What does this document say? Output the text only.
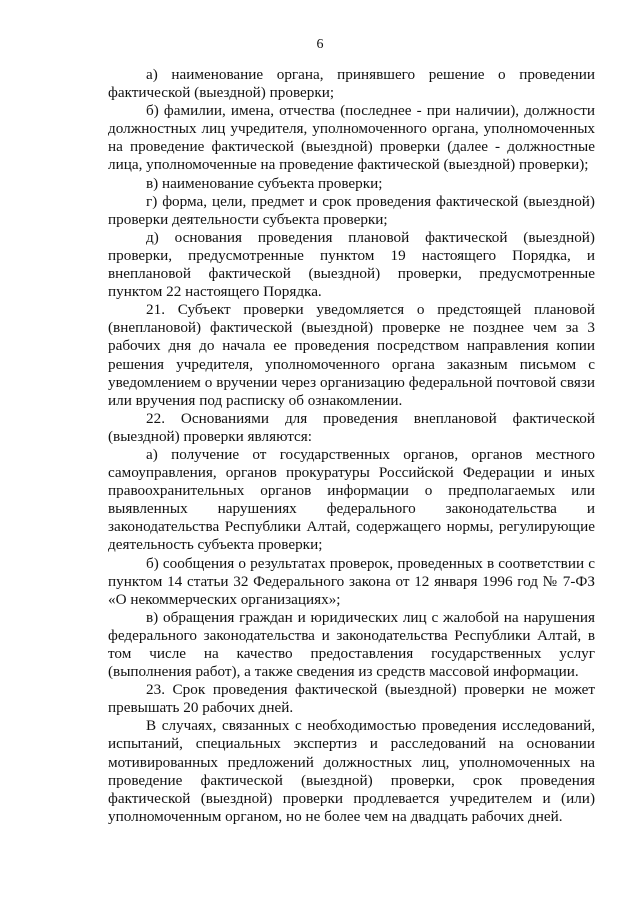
6

а) наименование органа, принявшего решение о проведении фактической (выездной) проверки;

б) фамилии, имена, отчества (последнее - при наличии), должности должностных лиц учредителя, уполномоченного органа, уполномоченных на проведение фактической (выездной) проверки (далее - должностные лица, уполномоченные на проведение фактической (выездной) проверки);

в) наименование субъекта проверки;

г) форма, цели, предмет и срок проведения фактической (выездной) проверки деятельности субъекта проверки;

д) основания проведения плановой фактической (выездной) проверки, предусмотренные пунктом 19 настоящего Порядка, и внеплановой фактической (выездной) проверки, предусмотренные пунктом 22 настоящего Порядка.

21. Субъект проверки уведомляется о предстоящей плановой (внеплановой) фактической (выездной) проверке не позднее чем за 3 рабочих дня до начала ее проведения посредством направления копии решения учредителя, уполномоченного органа заказным письмом с уведомлением о вручении через организацию федеральной почтовой связи или вручения под расписку об ознакомлении.

22. Основаниями для проведения внеплановой фактической (выездной) проверки являются:

а) получение от государственных органов, органов местного самоуправления, органов прокуратуры Российской Федерации и иных правоохранительных органов информации о предполагаемых или выявленных нарушениях федерального законодательства и законодательства Республики Алтай, содержащего нормы, регулирующие деятельность субъекта проверки;

б) сообщения о результатах проверок, проведенных в соответствии с пунктом 14 статьи 32 Федерального закона от 12 января 1996 год № 7-ФЗ «О некоммерческих организациях»;

в) обращения граждан и юридических лиц с жалобой на нарушения федерального законодательства и законодательства Республики Алтай, в том числе на качество предоставления государственных услуг (выполнения работ), а также сведения из средств массовой информации.

23. Срок проведения фактической (выездной) проверки не может превышать 20 рабочих дней.

В случаях, связанных с необходимостью проведения исследований, испытаний, специальных экспертиз и расследований на основании мотивированных предложений должностных лиц, уполномоченных на проведение фактической (выездной) проверки, срок проведения фактической (выездной) проверки продлевается учредителем и (или) уполномоченным органом, но не более чем на двадцать рабочих дней.
